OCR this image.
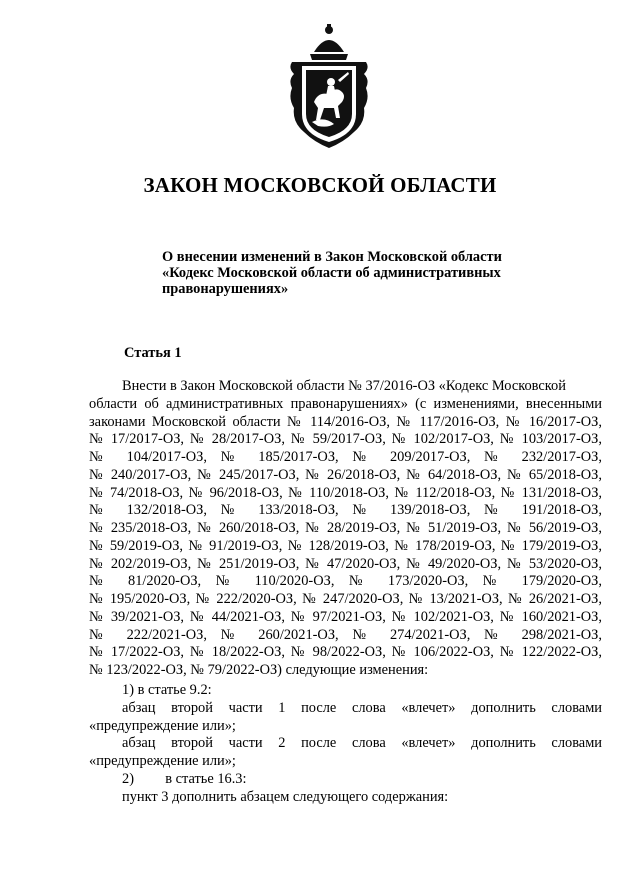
ЗАКОН МОСКОВСКОЙ ОБЛАСТИ
О внесении изменений в Закон Московской области
«Кодекс Московской области об административных
правонарушениях»
Статья 1
Внести в Закон Московской области № 37/2016-ОЗ «Кодекс Московской
области об административных правонарушениях» (с изменениями, внесенными
законами Московской области № 114/2016-ОЗ, № 117/2016-ОЗ, № 16/2017-ОЗ,
№ 17/2017-ОЗ, № 28/2017-ОЗ, № 59/2017-ОЗ, № 102/2017-ОЗ, № 103/2017-ОЗ,
№ 104/2017-ОЗ, № 185/2017-ОЗ, № 209/2017-ОЗ, № 232/2017-ОЗ,
№ 240/2017-ОЗ, № 245/2017-ОЗ, № 26/2018-ОЗ, № 64/2018-ОЗ, № 65/2018-ОЗ,
№ 74/2018-ОЗ, № 96/2018-ОЗ, № 110/2018-ОЗ, № 112/2018-ОЗ, № 131/2018-ОЗ,
№ 132/2018-ОЗ, № 133/2018-ОЗ, № 139/2018-ОЗ, № 191/2018-ОЗ,
№ 235/2018-ОЗ, № 260/2018-ОЗ, № 28/2019-ОЗ, № 51/2019-ОЗ, № 56/2019-ОЗ,
№ 59/2019-ОЗ, № 91/2019-ОЗ, № 128/2019-ОЗ, № 178/2019-ОЗ, № 179/2019-ОЗ,
№ 202/2019-ОЗ, № 251/2019-ОЗ, № 47/2020-ОЗ, № 49/2020-ОЗ, № 53/2020-ОЗ,
№ 81/2020-ОЗ, № 110/2020-ОЗ, № 173/2020-ОЗ, № 179/2020-ОЗ,
№ 195/2020-ОЗ, № 222/2020-ОЗ, № 247/2020-ОЗ, № 13/2021-ОЗ, № 26/2021-ОЗ,
№ 39/2021-ОЗ, № 44/2021-ОЗ, № 97/2021-ОЗ, № 102/2021-ОЗ, № 160/2021-ОЗ,
№ 222/2021-ОЗ, № 260/2021-ОЗ, № 274/2021-ОЗ, № 298/2021-ОЗ,
№ 17/2022-ОЗ, № 18/2022-ОЗ, № 98/2022-ОЗ, № 106/2022-ОЗ, № 122/2022-ОЗ,
№ 123/2022-ОЗ, № 79/2022-ОЗ) следующие изменения:
1) в статье 9.2:
абзац второй части 1 после слова «влечет» дополнить словами
«предупреждение или»;
абзац второй части 2 после слова «влечет» дополнить словами
«предупреждение или»;
2) в статье 16.3:
пункт 3 дополнить абзацем следующего содержания:
